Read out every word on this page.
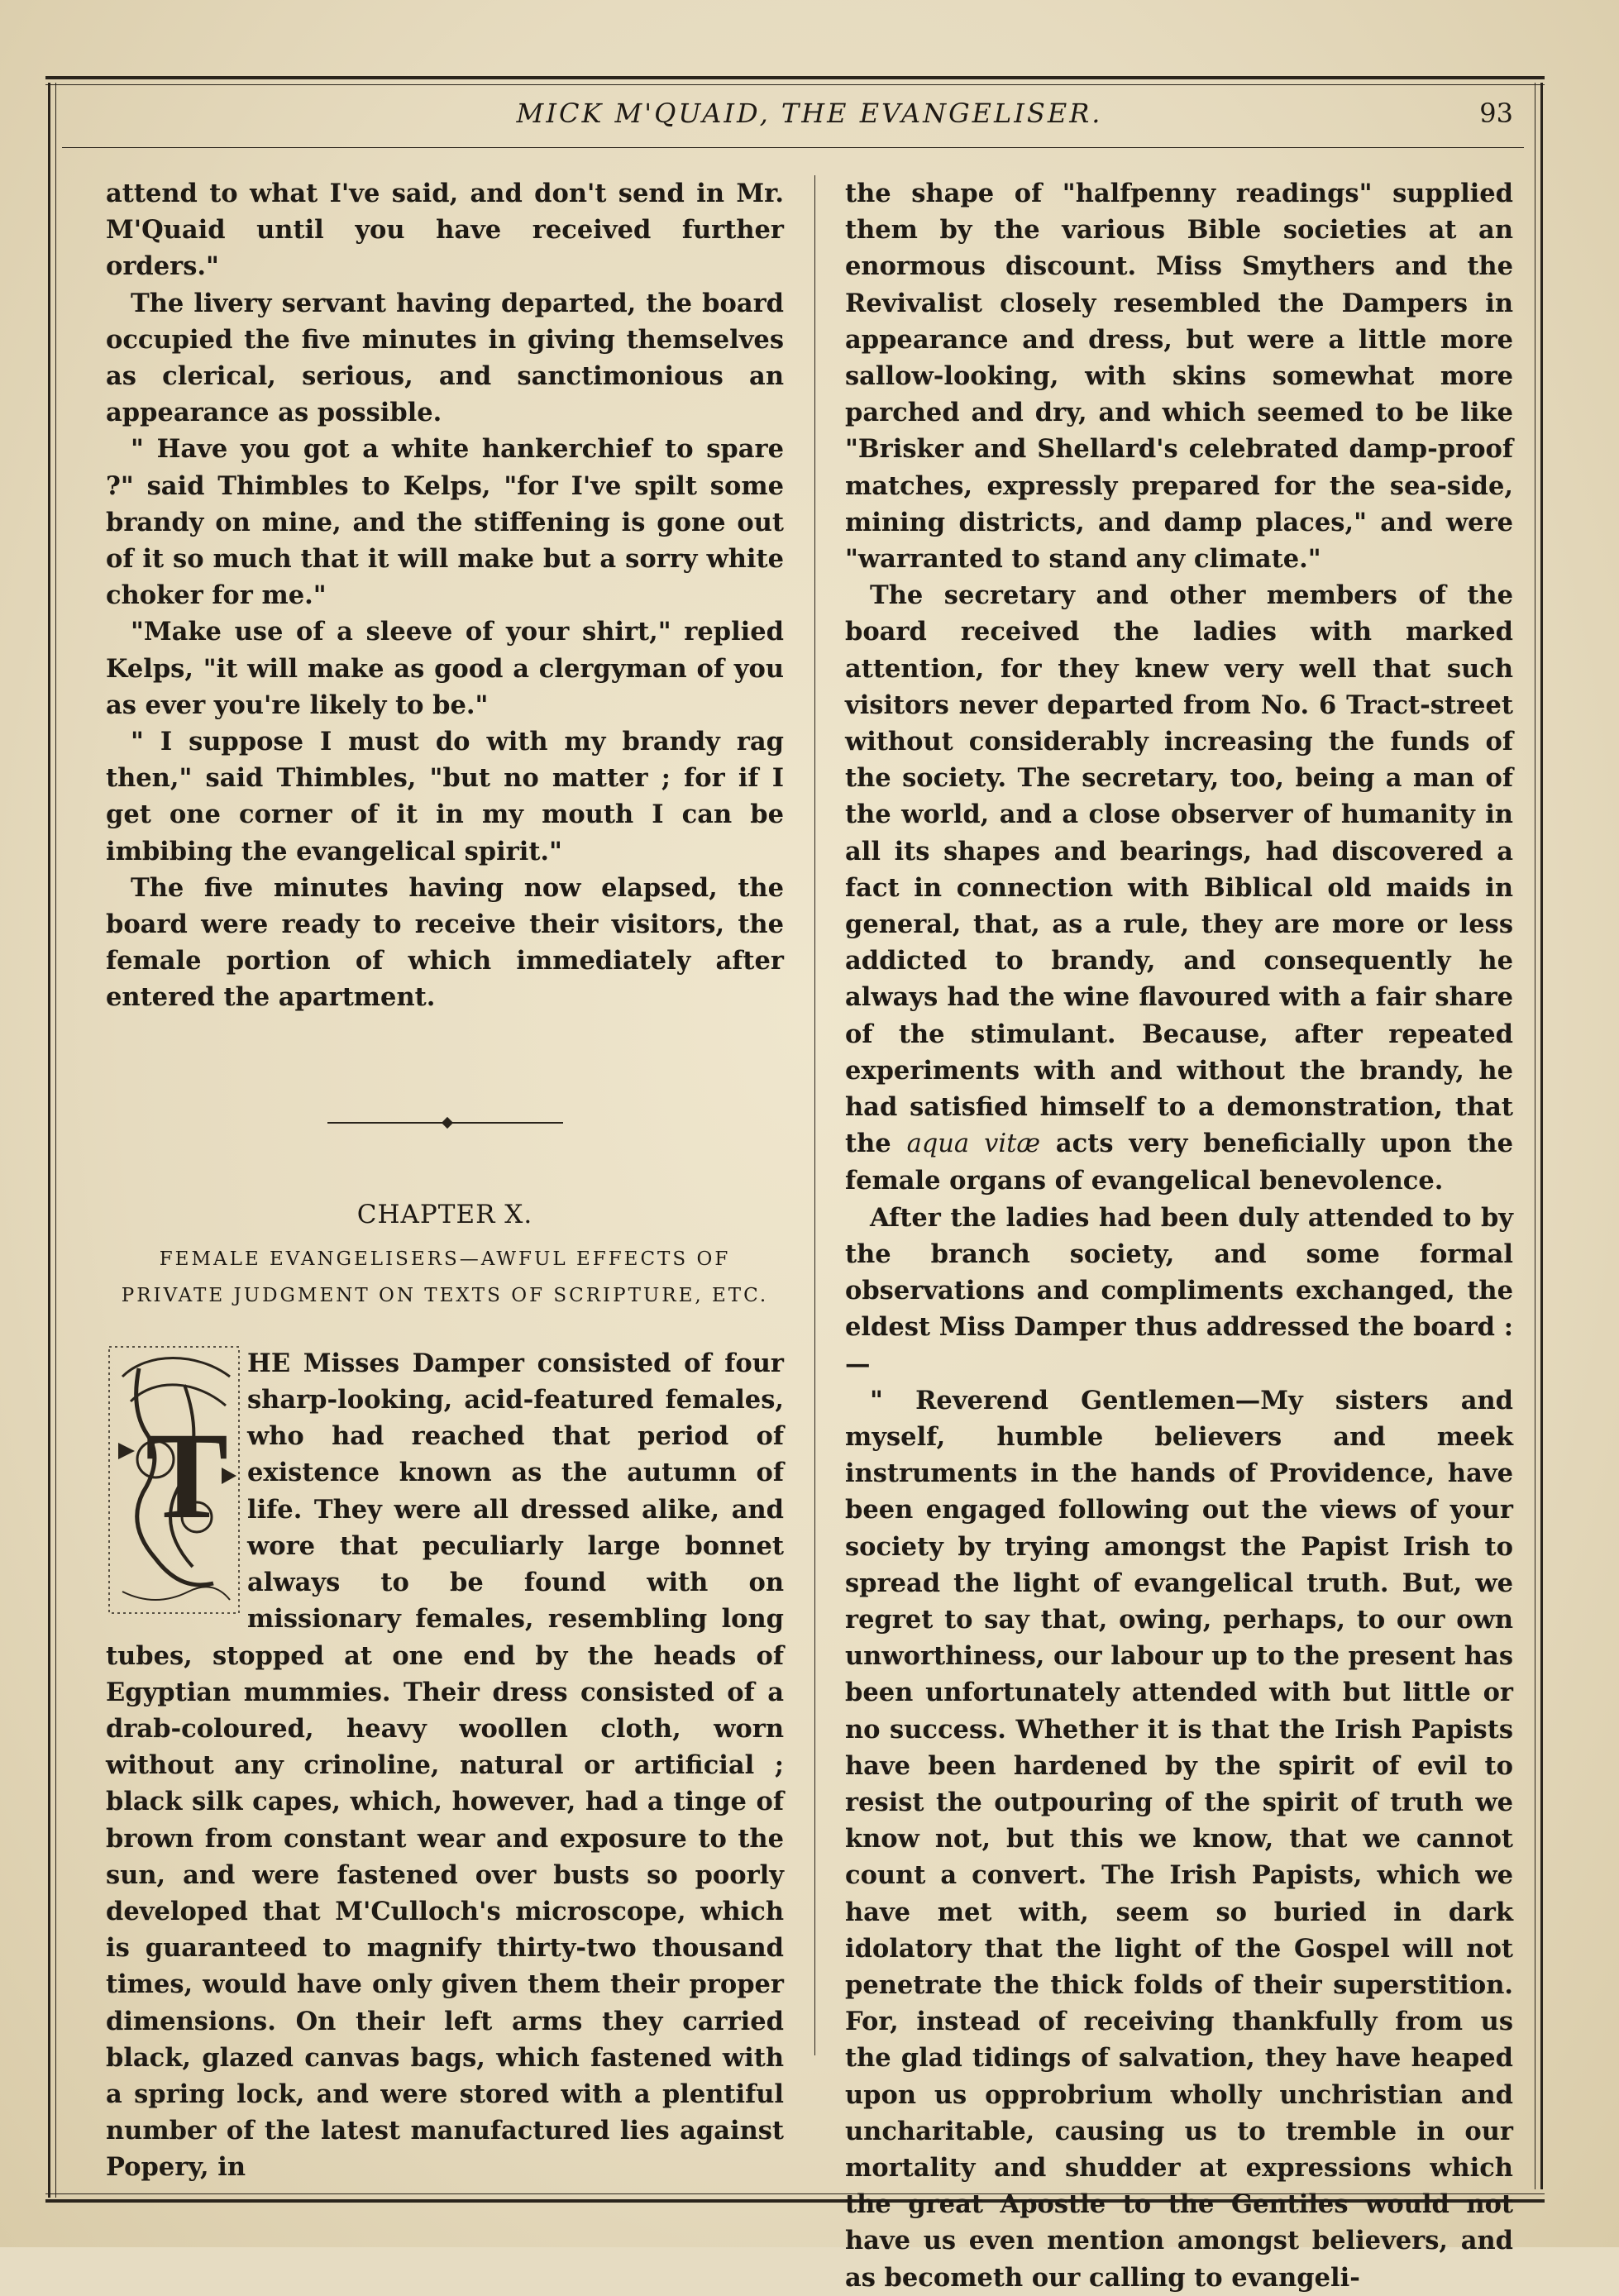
MICK M'QUAID, THE EVANGELISER.	93

attend to what I've said, and don't send in Mr. M'Quaid until you have received further orders."

The livery servant having departed, the board occupied the five minutes in giving themselves as clerical, serious, and sanctimonious an appearance as possible.

" Have you got a white hankerchief to spare ?" said Thimbles to Kelps, "for I've spilt some brandy on mine, and the stiffening is gone out of it so much that it will make but a sorry white choker for me."

"Make use of a sleeve of your shirt," replied Kelps, "it will make as good a clergyman of you as ever you're likely to be."

" I suppose I must do with my brandy rag then," said Thimbles, "but no matter ; for if I get one corner of it in my mouth I can be imbibing the evangelical spirit."

The five minutes having now elapsed, the board were ready to receive their visitors, the female portion of which immediately after entered the apartment.

CHAPTER X.
FEMALE EVANGELISERS—AWFUL EFFECTS OF PRIVATE JUDGMENT ON TEXTS OF SCRIPTURE, ETC.
T

HE Misses Damper consisted of four sharp-looking, acid-featured females, who had reached that period of existence known as the autumn of life. They were all dressed alike, and wore that peculiarly large bonnet always to be found with on missionary females, resembling long tubes, stopped at one end by the heads of Egyptian mummies. Their dress consisted of a drab-coloured, heavy woollen cloth, worn without any crinoline, natural or artificial ; black silk capes, which, however, had a tinge of brown from constant wear and exposure to the sun, and were fastened over busts so poorly developed that M'Culloch's microscope, which is guaranteed to magnify thirty-two thousand times, would have only given them their proper dimensions. On their left arms they carried black, glazed canvas bags, which fastened with a spring lock, and were stored with a plentiful number of the latest manufactured lies against Popery, in

the shape of "halfpenny readings" supplied them by the various Bible societies at an enormous discount. Miss Smythers and the Revivalist closely resembled the Dampers in appearance and dress, but were a little more sallow-looking, with skins somewhat more parched and dry, and which seemed to be like "Brisker and Shellard's celebrated damp-proof matches, expressly prepared for the sea-side, mining districts, and damp places," and were "warranted to stand any climate."

The secretary and other members of the board received the ladies with marked attention, for they knew very well that such visitors never departed from No. 6 Tract-street without considerably increasing the funds of the society. The secretary, too, being a man of the world, and a close observer of humanity in all its shapes and bearings, had discovered a fact in connection with Biblical old maids in general, that, as a rule, they are more or less addicted to brandy, and consequently he always had the wine flavoured with a fair share of the stimulant. Because, after repeated experiments with and without the brandy, he had satisfied himself to a demonstration, that the aqua vitæ acts very beneficially upon the female organs of evangelical benevolence.

After the ladies had been duly attended to by the branch society, and some formal observations and compliments exchanged, the eldest Miss Damper thus addressed the board :—

" Reverend Gentlemen—My sisters and myself, humble believers and meek instruments in the hands of Providence, have been engaged following out the views of your society by trying amongst the Papist Irish to spread the light of evangelical truth. But, we regret to say that, owing, perhaps, to our own unworthiness, our labour up to the present has been unfortunately attended with but little or no success. Whether it is that the Irish Papists have been hardened by the spirit of evil to resist the outpouring of the spirit of truth we know not, but this we know, that we cannot count a convert. The Irish Papists, which we have met with, seem so buried in dark idolatory that the light of the Gospel will not penetrate the thick folds of their superstition. For, instead of receiving thankfully from us the glad tidings of salvation, they have heaped upon us opprobrium wholly unchristian and uncharitable, causing us to tremble in our mortality and shudder at expressions which the great Apostle to the Gentiles would not have us even mention amongst believers, and as becometh our calling to evangeli-
